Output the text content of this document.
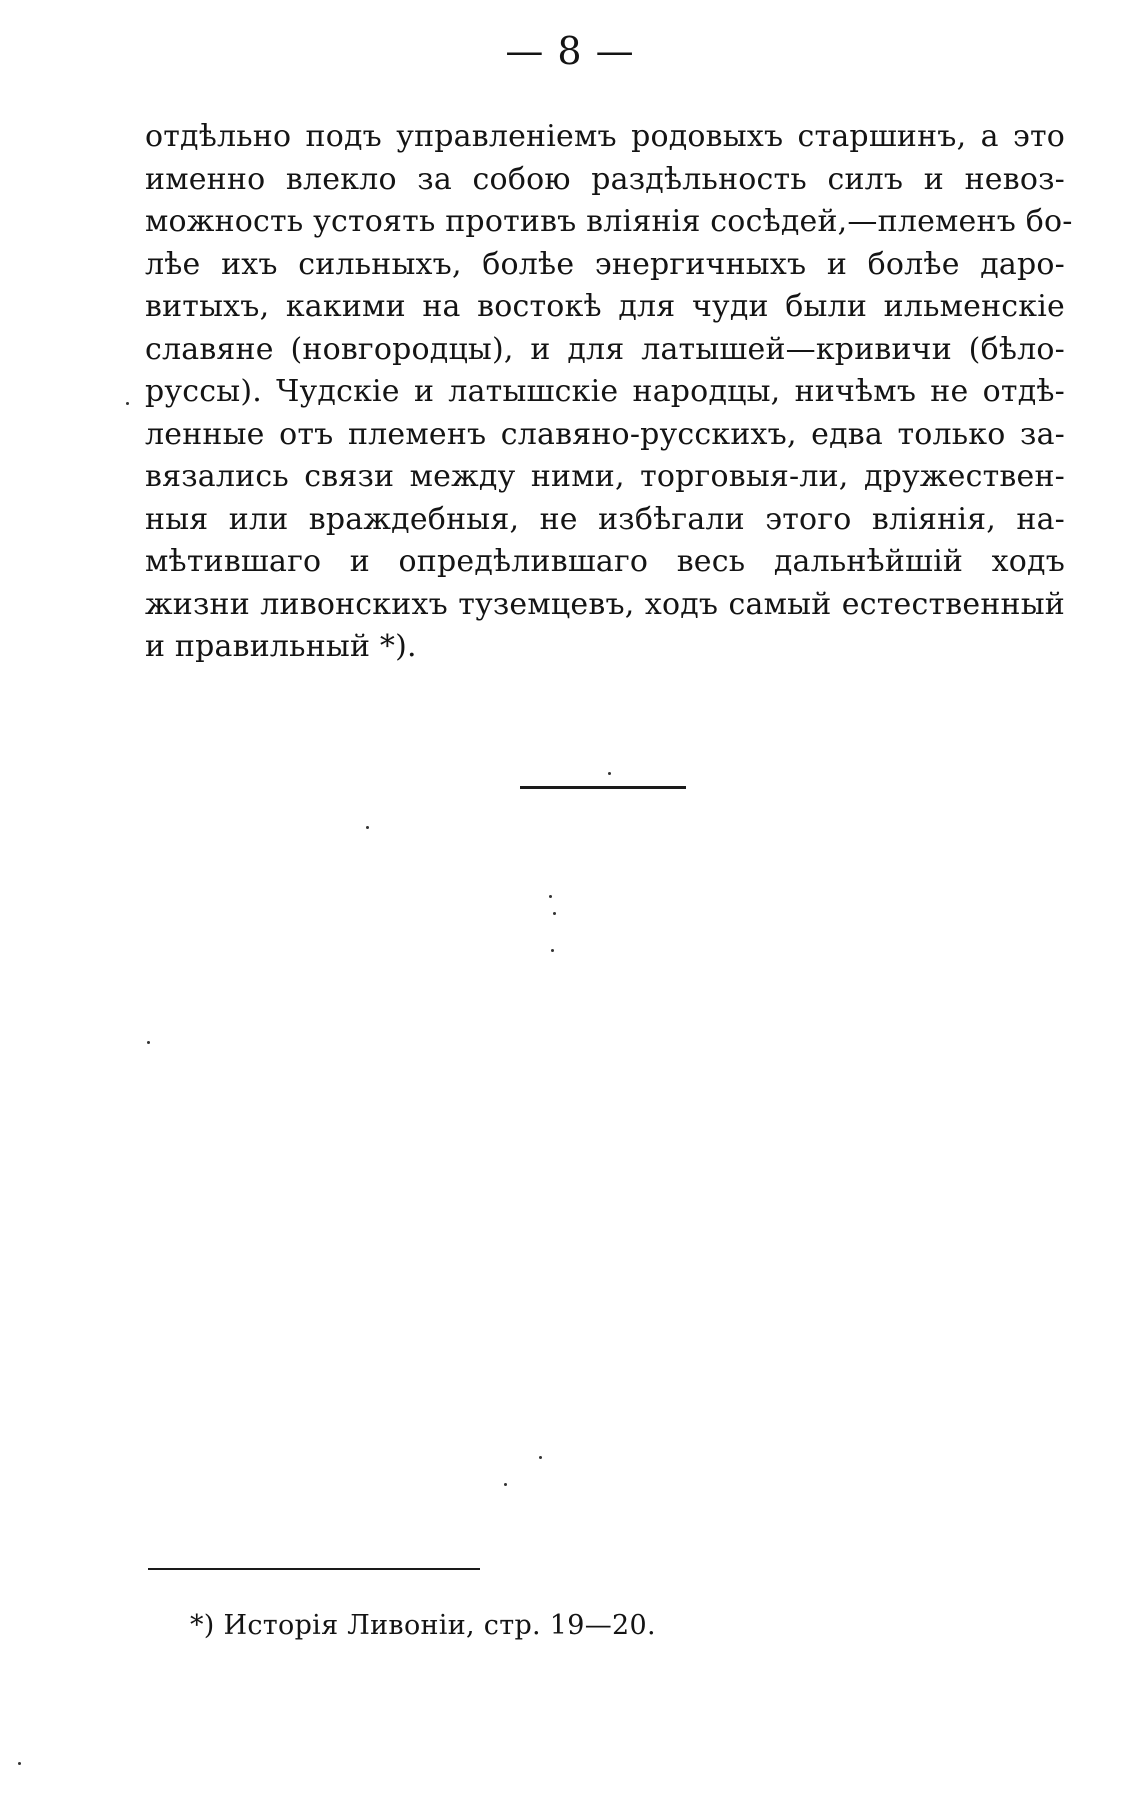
— 8 —
отдѣльно подъ управленіемъ родовыхъ старшинъ, а это
именно влекло за собою раздѣльность силъ и невоз-
можность устоять противъ вліянія сосѣдей,—племенъ бо-
лѣе ихъ сильныхъ, болѣе энергичныхъ и болѣе даро-
витыхъ, какими на востокѣ для чуди были ильменскіе
славяне (новгородцы), и для латышей—кривичи (бѣло-
руссы). Чудскіе и латышскіе народцы, ничѣмъ не отдѣ-
ленные отъ племенъ славяно-русскихъ, едва только за-
вязались связи между ними, торговыя-ли, дружествен-
ныя или враждебныя, не избѣгали этого вліянія, на-
мѣтившаго и опредѣлившаго весь дальнѣйшій ходъ
жизни ливонскихъ туземцевъ, ходъ самый естественный
и правильный *).
*) Исторія Ливоніи, стр. 19—20.
